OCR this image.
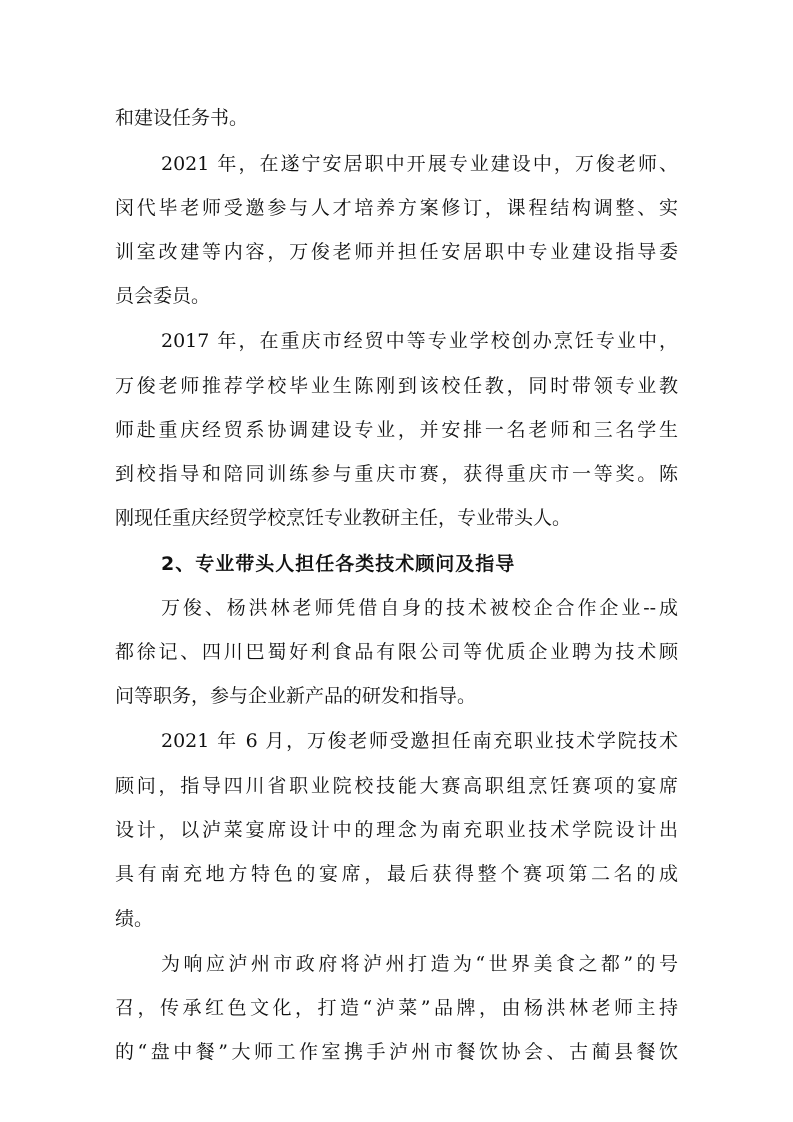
和建设任务书。
2021 年，在遂宁安居职中开展专业建设中，万俊老师、
闵代毕老师受邀参与人才培养方案修订，课程结构调整、实
训室改建等内容，万俊老师并担任安居职中专业建设指导委
员会委员。
2017 年，在重庆市经贸中等专业学校创办烹饪专业中，
万俊老师推荐学校毕业生陈刚到该校任教，同时带领专业教
师赴重庆经贸系协调建设专业，并安排一名老师和三名学生
到校指导和陪同训练参与重庆市赛，获得重庆市一等奖。陈
刚现任重庆经贸学校烹饪专业教研主任，专业带头人。
2、专业带头人担任各类技术顾问及指导
万俊、杨洪林老师凭借自身的技术被校企合作企业--成
都徐记、四川巴蜀好利食品有限公司等优质企业聘为技术顾
问等职务，参与企业新产品的研发和指导。
2021 年 6 月，万俊老师受邀担任南充职业技术学院技术
顾问，指导四川省职业院校技能大赛高职组烹饪赛项的宴席
设计，以泸菜宴席设计中的理念为南充职业技术学院设计出
具有南充地方特色的宴席，最后获得整个赛项第二名的成
绩。
为响应泸州市政府将泸州打造为“世界美食之都”的号
召，传承红色文化，打造“泸菜”品牌，由杨洪林老师主持
的“盘中餐”大师工作室携手泸州市餐饮协会、古蔺县餐饮
